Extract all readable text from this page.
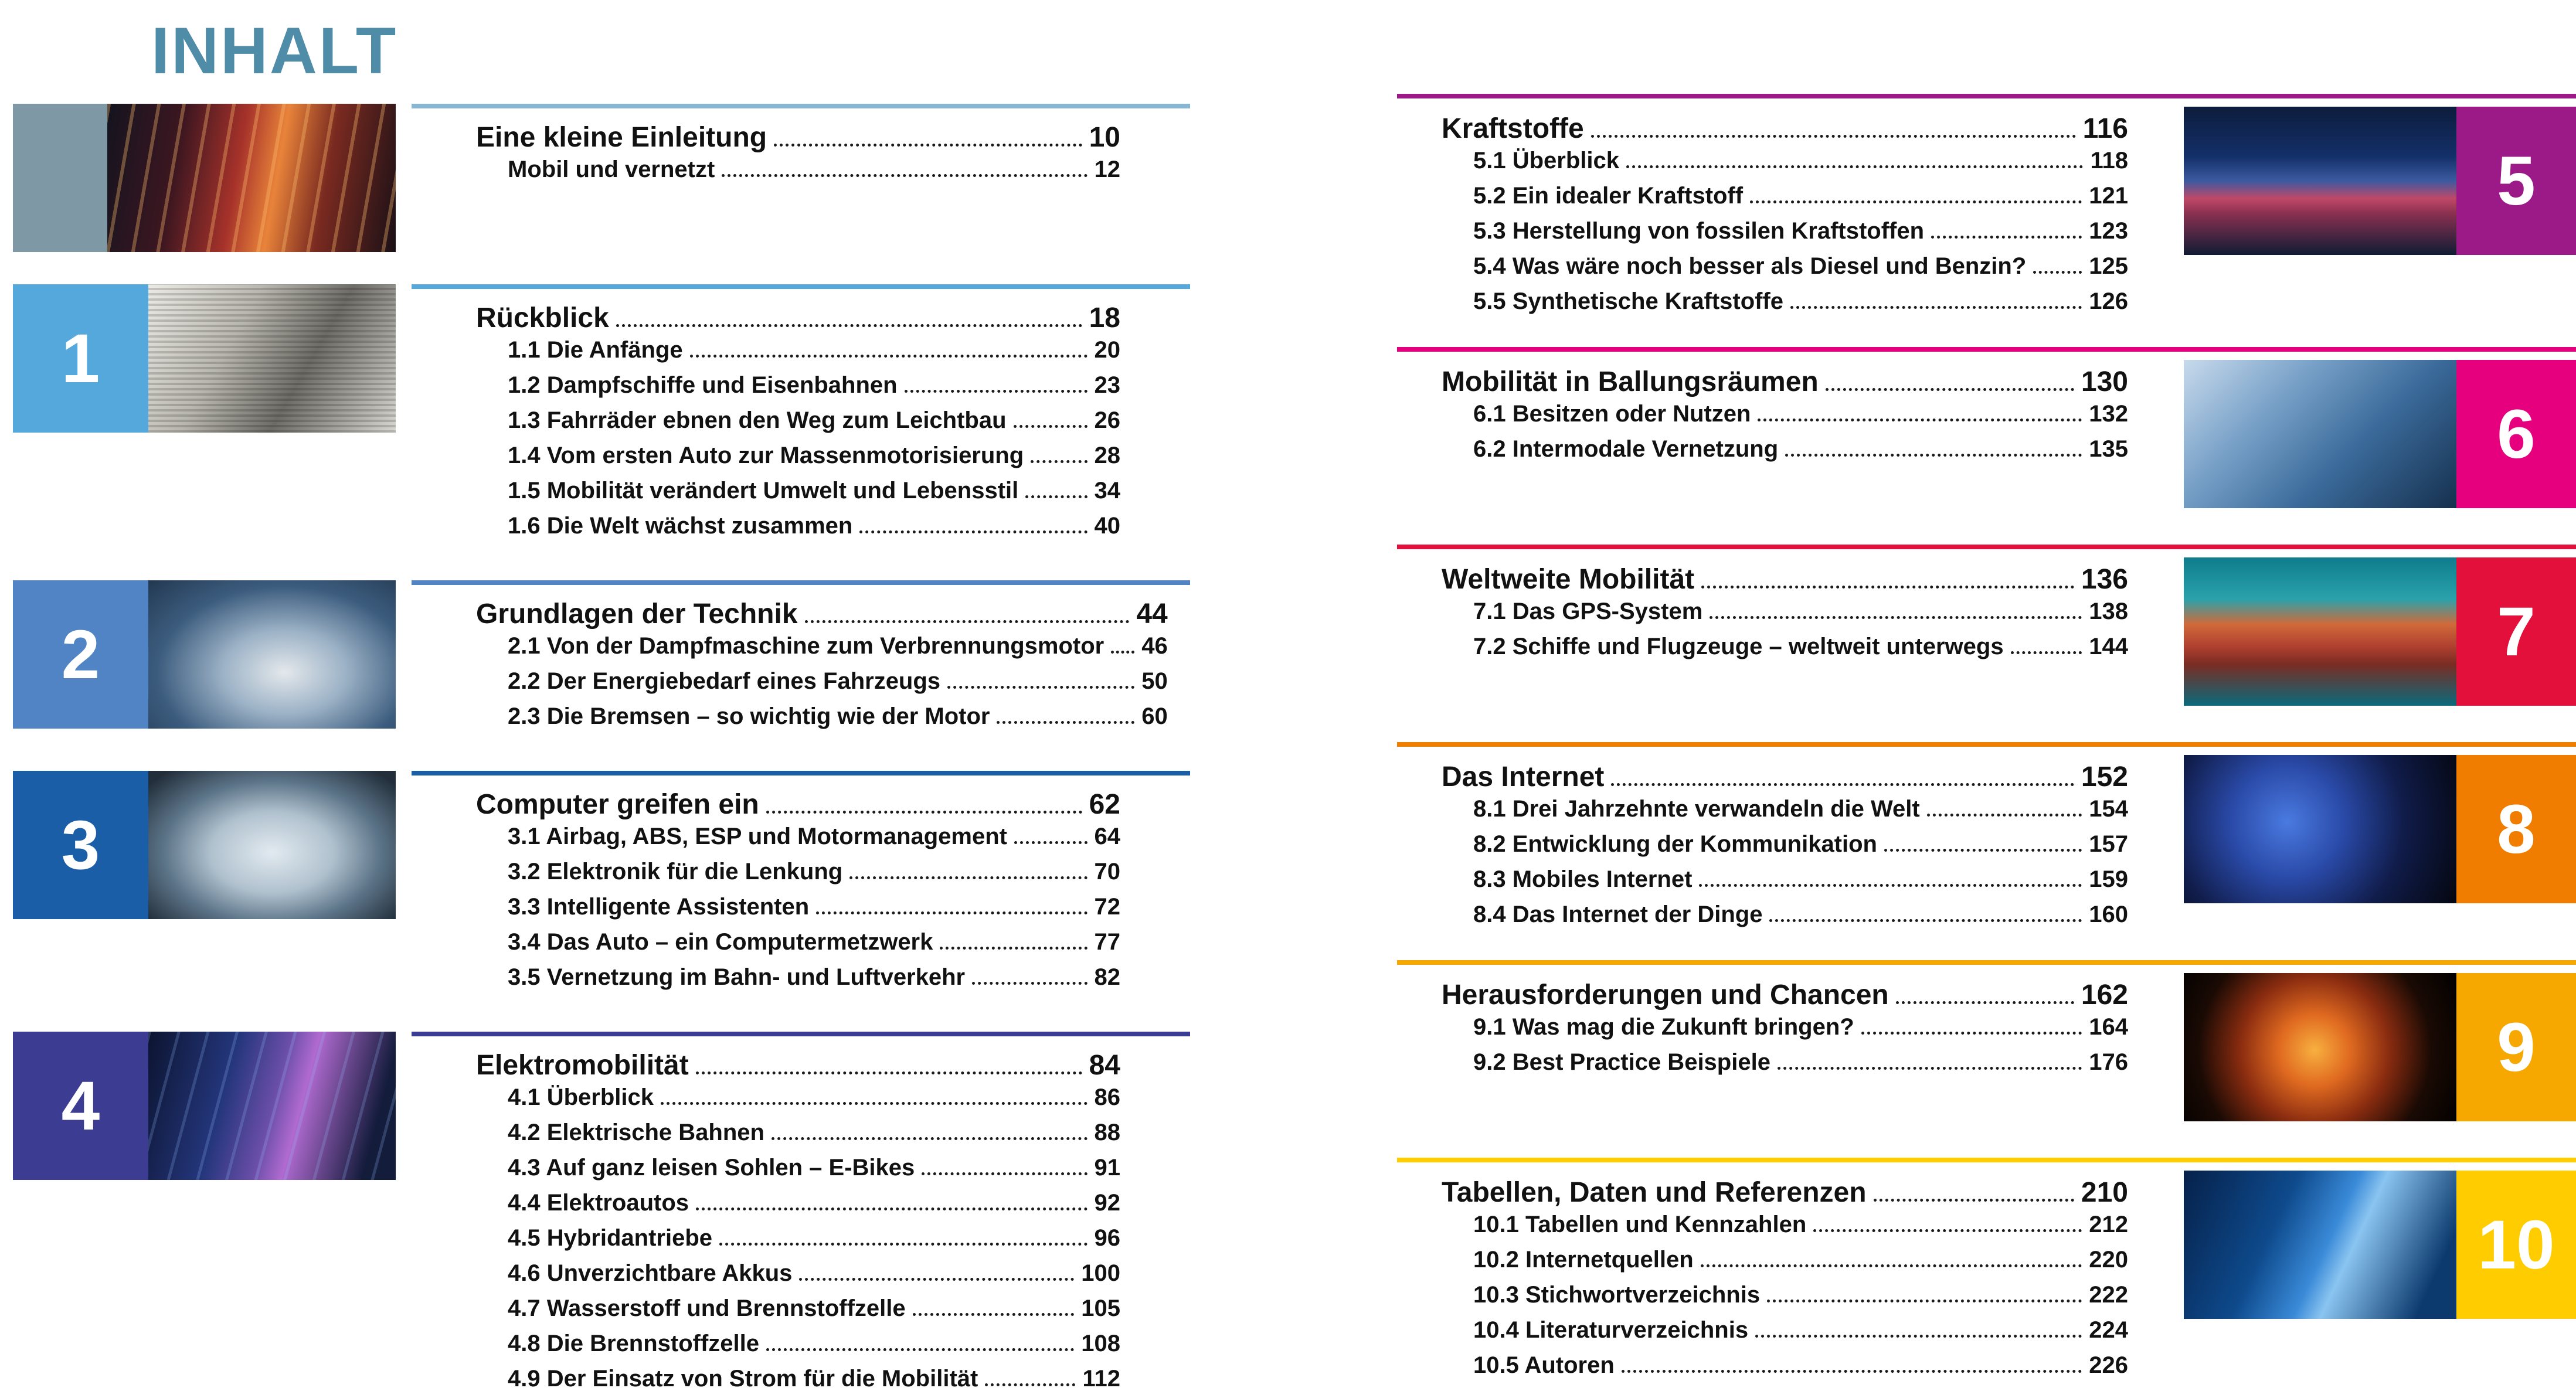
INHALT
Eine kleine Einleitung	10
Mobil und vernetzt	12
1
Rückblick	18
1.1 Die Anfänge	20
1.2 Dampfschiffe und Eisenbahnen	23
1.3 Fahrräder ebnen den Weg zum Leichtbau	26
1.4 Vom ersten Auto zur Massenmotorisierung	28
1.5 Mobilität verändert Umwelt und Lebensstil	34
1.6 Die Welt wächst zusammen	40
2
Grundlagen der Technik	44
2.1 Von der Dampfmaschine zum Verbrennungsmotor 46
2.2 Der Energiebedarf eines Fahrzeugs	50
2.3 Die Bremsen – so wichtig wie der Motor	60
3
Computer greifen ein	62
3.1 Airbag, ABS, ESP und Motormanagement	64
3.2 Elektronik für die Lenkung	70
3.3 Intelligente Assistenten	72
3.4 Das Auto – ein Computermetzwerk	77
3.5 Vernetzung im Bahn- und Luftverkehr	82
4
Elektromobilität	84
4.1 Überblick	86
4.2 Elektrische Bahnen	88
4.3 Auf ganz leisen Sohlen – E-Bikes	91
4.4 Elektroautos	92
4.5 Hybridantriebe	96
4.6 Unverzichtbare Akkus	100
4.7 Wasserstoff und Brennstoffzelle	105
4.8 Die Brennstoffzelle	108
4.9 Der Einsatz von Strom für die Mobilität	112
5
Kraftstoffe	116
5.1 Überblick	118
5.2 Ein idealer Kraftstoff	121
5.3 Herstellung von fossilen Kraftstoffen	123
5.4 Was wäre noch besser als Diesel und Benzin?	125
5.5 Synthetische Kraftstoffe	126
6
Mobilität in Ballungsräumen	130
6.1 Besitzen oder Nutzen	132
6.2 Intermodale Vernetzung	135
7
Weltweite Mobilität	136
7.1 Das GPS-System	138
7.2 Schiffe und Flugzeuge – weltweit unterwegs	144
8
Das Internet	152
8.1 Drei Jahrzehnte verwandeln die Welt	154
8.2 Entwicklung der Kommunikation	157
8.3 Mobiles Internet	159
8.4 Das Internet der Dinge	160
9
Herausforderungen und Chancen	162
9.1 Was mag die Zukunft bringen?	164
9.2 Best Practice Beispiele	176
10
Tabellen, Daten und Referenzen	210
10.1 Tabellen und Kennzahlen	212
10.2 Internetquellen	220
10.3 Stichwortverzeichnis	222
10.4 Literaturverzeichnis	224
10.5 Autoren	226
